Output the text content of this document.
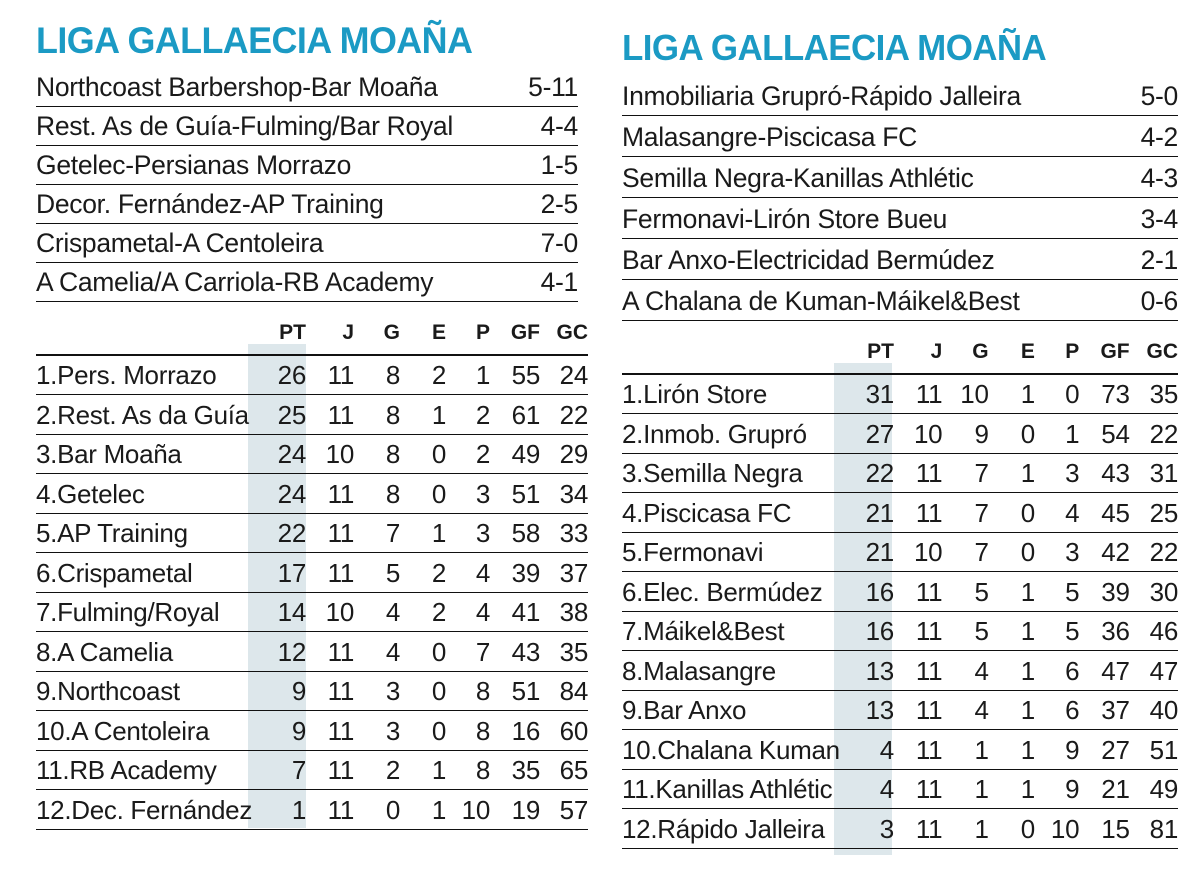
LIGA GALLAECIA MOAÑA
Northcoast Barbershop-Bar Moaña	5-11
Rest. As de Guía-Fulming/Bar Royal	4-4
Getelec-Persianas Morrazo	1-5
Decor. Fernández-AP Training	2-5
Crispametal-A Centoleira	7-0
A Camelia/A Carriola-RB Academy	4-1
	PT	J	G	E	P	GF	GC
1.Pers. Morrazo	26	11	8	2	1	55	24
2.Rest. As da Guía	25	11	8	1	2	61	22
3.Bar Moaña	24	10	8	0	2	49	29
4.Getelec	24	11	8	0	3	51	34
5.AP Training	22	11	7	1	3	58	33
6.Crispametal	17	11	5	2	4	39	37
7.Fulming/Royal	14	10	4	2	4	41	38
8.A Camelia	12	11	4	0	7	43	35
9.Northcoast	9	11	3	0	8	51	84
10.A Centoleira	9	11	3	0	8	16	60
11.RB Academy	7	11	2	1	8	35	65
12.Dec. Fernández	1	11	0	1	10	19	57
LIGA GALLAECIA MOAÑA
Inmobiliaria Grupró-Rápido Jalleira	5-0
Malasangre-Piscicasa FC	4-2
Semilla Negra-Kanillas Athlétic	4-3
Fermonavi-Lirón Store Bueu	3-4
Bar Anxo-Electricidad Bermúdez	2-1
A Chalana de Kuman-Máikel&Best	0-6
	PT	J	G	E	P	GF	GC
1.Lirón Store	31	11	10	1	0	73	35
2.Inmob. Grupró	27	10	9	0	1	54	22
3.Semilla Negra	22	11	7	1	3	43	31
4.Piscicasa FC	21	11	7	0	4	45	25
5.Fermonavi	21	10	7	0	3	42	22
6.Elec. Bermúdez	16	11	5	1	5	39	30
7.Máikel&Best	16	11	5	1	5	36	46
8.Malasangre	13	11	4	1	6	47	47
9.Bar Anxo	13	11	4	1	6	37	40
10.Chalana Kuman	4	11	1	1	9	27	51
11.Kanillas Athlétic	4	11	1	1	9	21	49
12.Rápido Jalleira	3	11	1	0	10	15	81
